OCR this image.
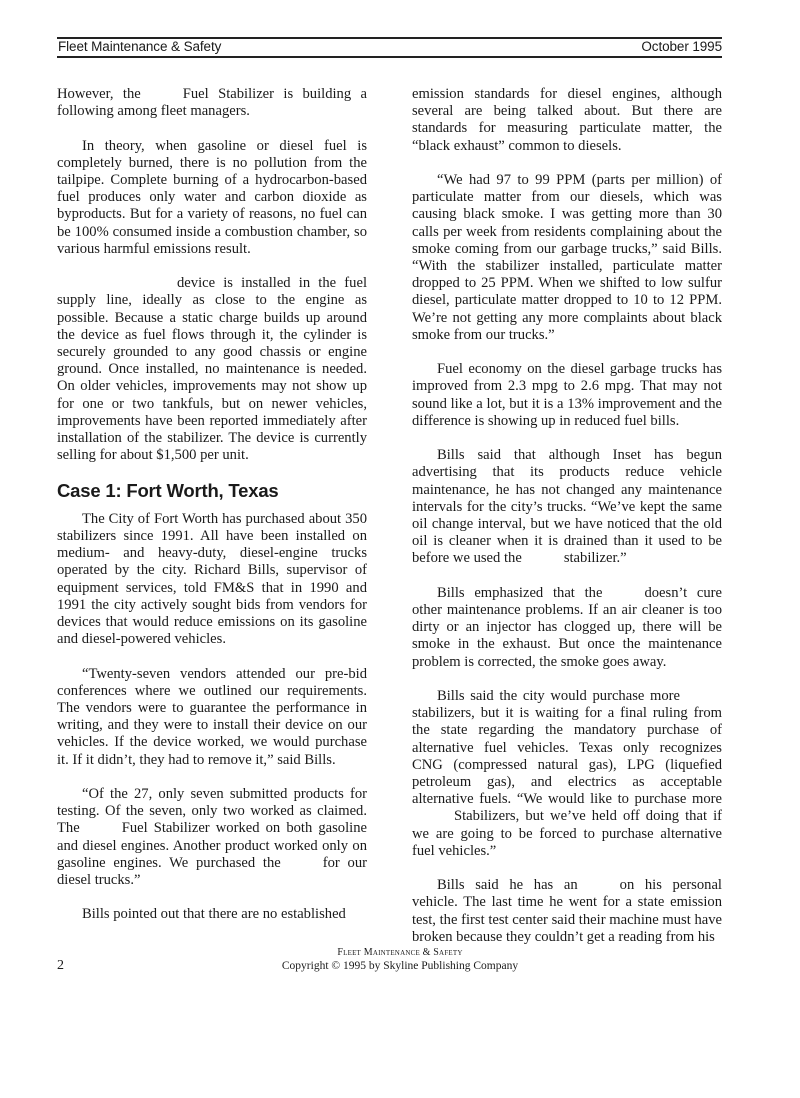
Fleet Maintenance & Safety	October 1995

However, the	Fuel Stabilizer is building a following among fleet managers.

In theory, when gasoline or diesel fuel is completely burned, there is no pollution from the tailpipe. Complete burning of a hydrocarbon-based fuel produces only water and carbon dioxide as byproducts. But for a variety of reasons, no fuel can be 100% consumed inside a combustion chamber, so various harmful emissions result.

device is installed in the fuel supply line, ideally as close to the engine as possible. Because a static charge builds up around the device as fuel flows through it, the cylinder is securely grounded to any good chassis or engine ground. Once installed, no maintenance is needed. On older vehicles, improvements may not show up for one or two tankfuls, but on newer vehicles, improvements have been reported immediately after installation of the stabilizer. The device is currently selling for about $1,500 per unit.

Case 1: Fort Worth, Texas

The City of Fort Worth has purchased about 350 stabilizers since 1991. All have been installed on medium- and heavy-duty, diesel-engine trucks operated by the city. Richard Bills, supervisor of equipment services, told FM&S that in 1990 and 1991 the city actively sought bids from vendors for devices that would reduce emissions on its gasoline and diesel-powered vehicles.

“Twenty-seven vendors attended our pre-bid conferences where we outlined our requirements. The vendors were to guarantee the performance in writing, and they were to install their device on our vehicles. If the device worked, we would purchase it. If it didn’t, they had to remove it,” said Bills.

“Of the 27, only seven submitted products for testing. Of the seven, only two worked as claimed. The	Fuel Stabilizer worked on both gasoline and diesel engines. Another product worked only on gasoline engines. We purchased the	for our diesel trucks.”

Bills pointed out that there are no established

emission standards for diesel engines, although several are being talked about. But there are standards for measuring particulate matter, the “black exhaust” common to diesels.

“We had 97 to 99 PPM (parts per million) of particulate matter from our diesels, which was causing black smoke. I was getting more than 30 calls per week from residents complaining about the smoke coming from our garbage trucks,” said Bills. “With the stabilizer installed, particulate matter dropped to 25 PPM. When we shifted to low sulfur diesel, particulate matter dropped to 10 to 12 PPM. We’re not getting any more complaints about black smoke from our trucks.”

Fuel economy on the diesel garbage trucks has improved from 2.3 mpg to 2.6 mpg. That may not sound like a lot, but it is a 13% improvement and the difference is showing up in reduced fuel bills.

Bills said that although Inset has begun advertising that its products reduce vehicle maintenance, he has not changed any maintenance intervals for the city’s trucks. “We’ve kept the same oil change interval, but we have noticed that the old oil is cleaner when it is drained than it used to be before we used the	stabilizer.”

Bills emphasized that the	doesn’t cure other maintenance problems. If an air cleaner is too dirty or an injector has clogged up, there will be smoke in the exhaust. But once the maintenance problem is corrected, the smoke goes away.

Bills said the city would purchase morestabilizers, but it is waiting for a final ruling from the state regarding the mandatory purchase of alternative fuel vehicles. Texas only recognizes CNG (compressed natural gas), LPG (liquefied petroleum gas), and electrics as acceptable alternative fuels. “We would like to purchase moreStabilizers, but we’ve held off doing that if we are going to be forced to purchase alternative fuel vehicles.”

Bills said he has an	on his personal vehicle. The last time he went for a state emission test, the first test center said their machine must have broken because they couldn’t get a reading from his

2
Fleet Maintenance & Safety
Copyright © 1995 by Skyline Publishing Company
